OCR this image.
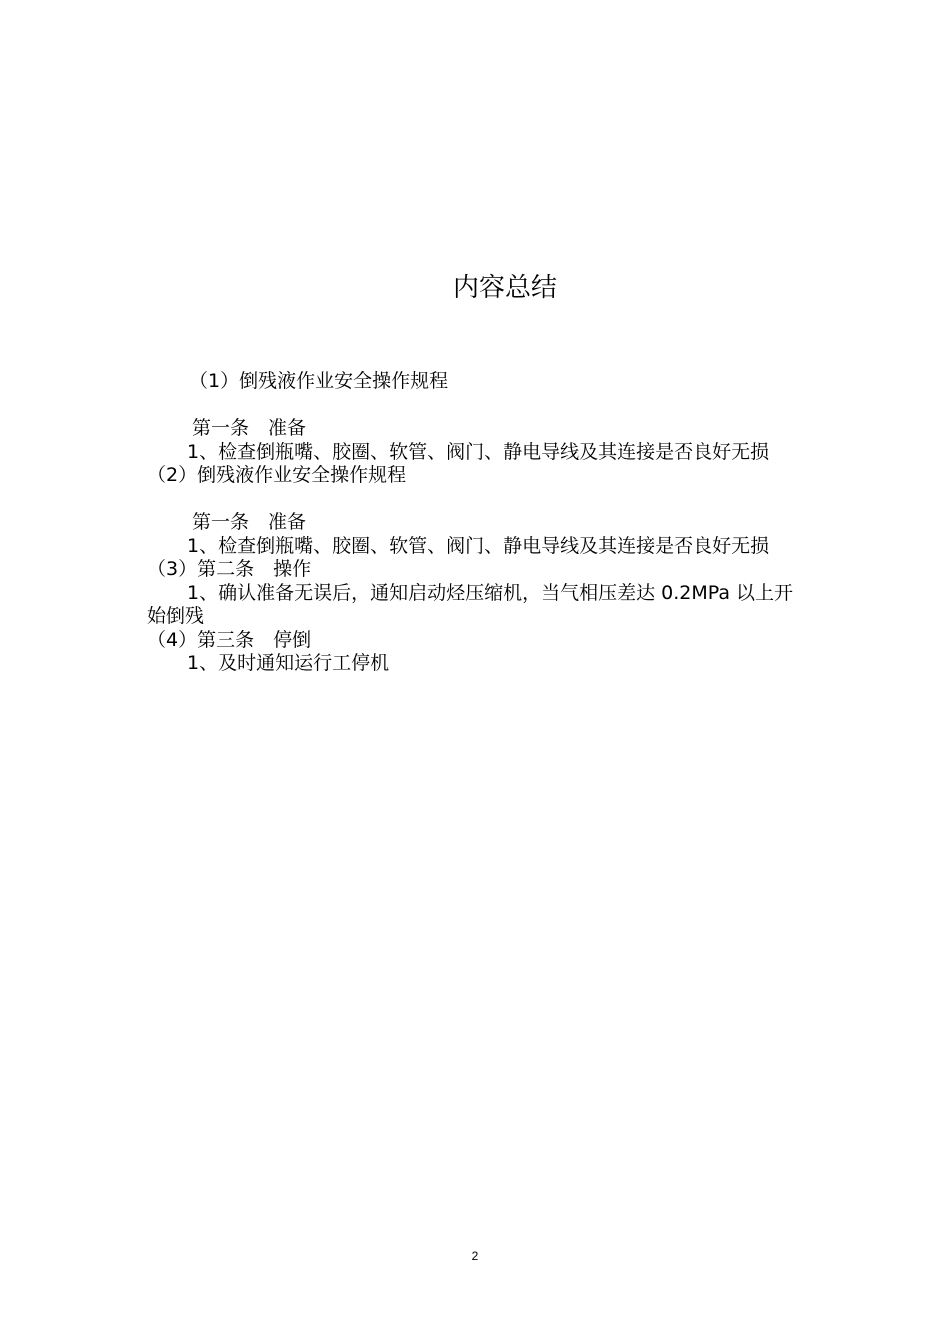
内容总结
（1）倒残液作业安全操作规程
第一条　准备
1、检查倒瓶嘴、胶圈、软管、阀门、静电导线及其连接是否良好无损
（2）倒残液作业安全操作规程
第一条　准备
1、检查倒瓶嘴、胶圈、软管、阀门、静电导线及其连接是否良好无损
（3）第二条　操作
1、确认准备无误后，通知启动烃压缩机，当气相压差达 0.2MPa 以上开始倒残
（4）第三条　停倒
1、及时通知运行工停机
2
